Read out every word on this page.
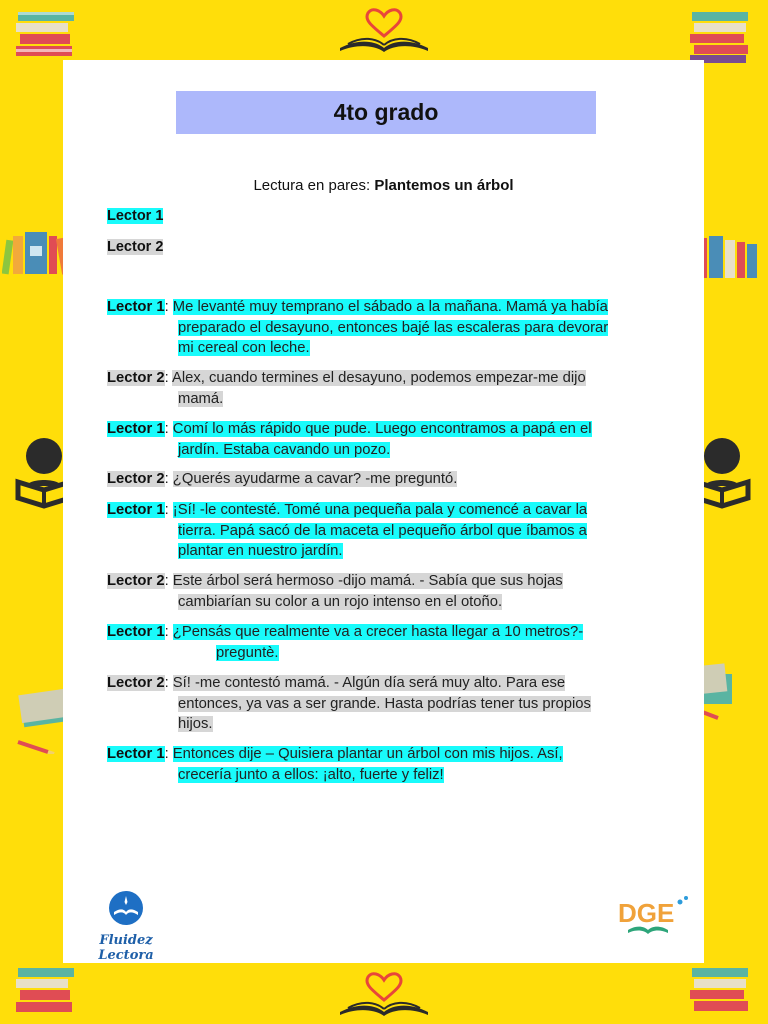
4to grado
Lectura en pares: Plantemos un árbol
Lector 1
Lector 2
Lector 1: Me levanté muy temprano el sábado a la mañana. Mamá ya había
preparado el desayuno, entonces bajé las escaleras para devorar
mi cereal con leche.
Lector 2: Alex, cuando termines el desayuno, podemos empezar-me dijo
mamá.
Lector 1: Comí lo más rápido que pude. Luego encontramos a papá en el
jardín. Estaba cavando un pozo.
Lector 2: ¿Querés ayudarme a cavar? -me preguntó.
Lector 1: ¡Sí! -le contesté. Tomé una pequeña pala y comencé a cavar la
tierra. Papá sacó de la maceta el pequeño árbol que íbamos a
plantar en nuestro jardín.
Lector 2: Este árbol será hermoso -dijo mamá. - Sabía que sus hojas
cambiarían su color a un rojo intenso en el otoño.
Lector 1: ¿Pensás que realmente va a crecer hasta llegar a 10 metros?-
preguntè.
Lector 2: Sí! -me contestó mamá. - Algún día será muy alto. Para ese
entonces, ya vas a ser grande. Hasta podrías tener tus propios
hijos.
Lector 1: Entonces dije – Quisiera plantar un árbol con mis hijos. Así,
crecería junto a ellos: ¡alto, fuerte y feliz!
Fluidez Lectora
DGE
